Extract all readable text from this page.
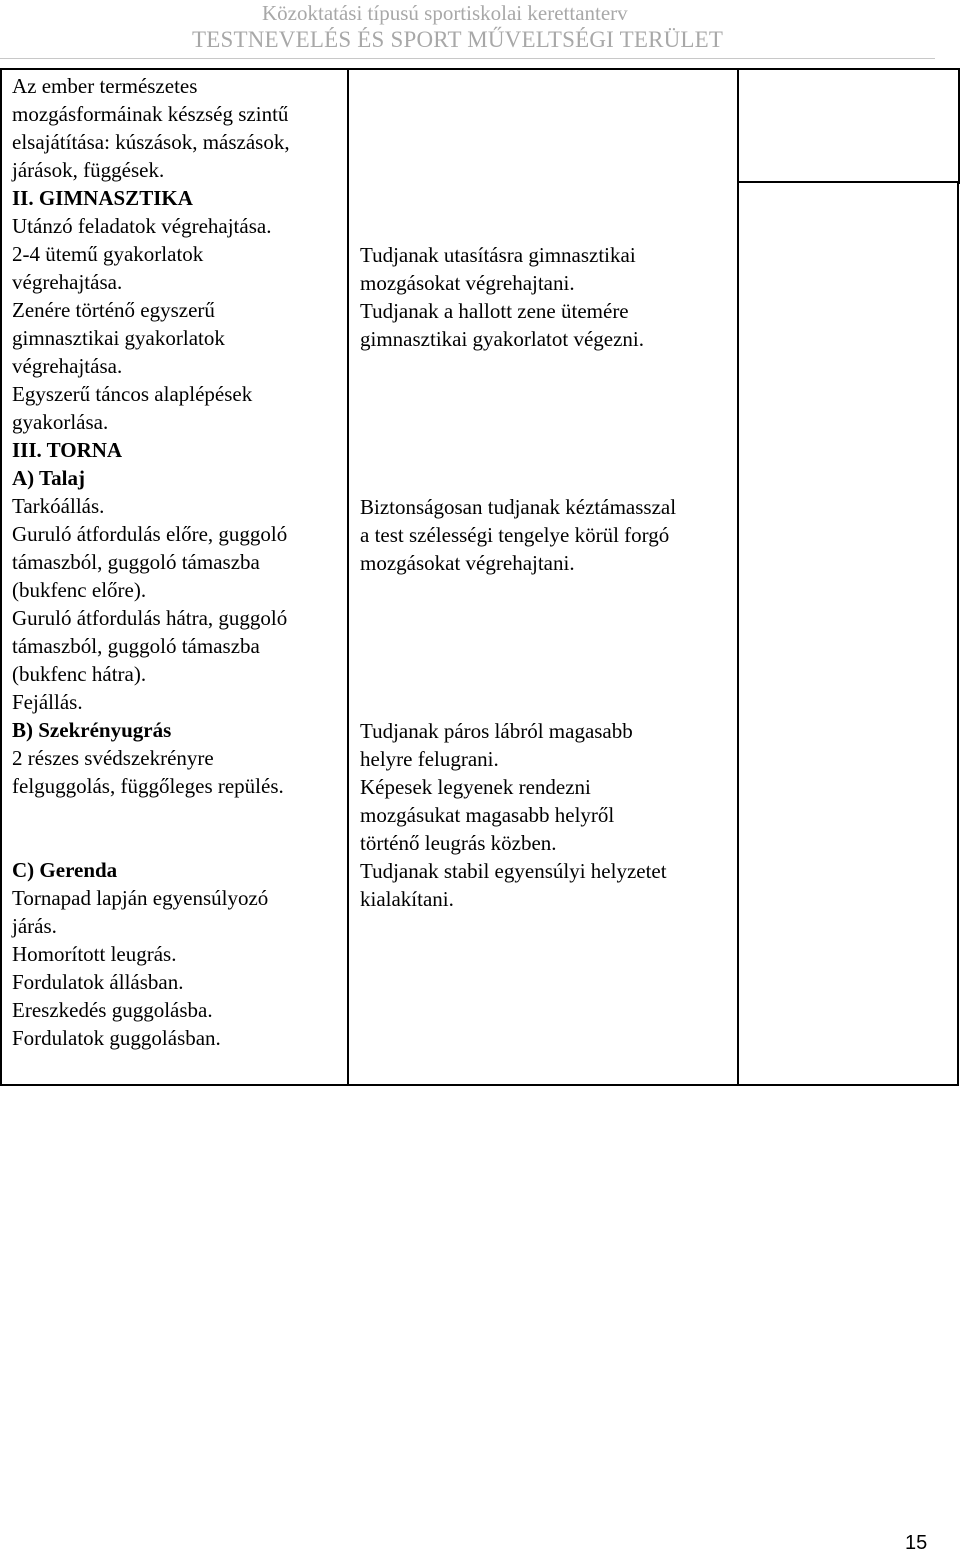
Közoktatási típusú sportiskolai kerettanterv
TESTNEVELÉS ÉS SPORT MŰVELTSÉGI TERÜLET
Az ember természetes
mozgásformáinak készség szintű
elsajátítása: kúszások, mászások,
járások, függések.
II. GIMNASZTIKA
Utánzó feladatok végrehajtása.
2-4 ütemű gyakorlatok
végrehajtása.
Zenére történő egyszerű
gimnasztikai gyakorlatok
végrehajtása.
Egyszerű táncos alaplépések
gyakorlása.
III. TORNA
A) Talaj
Tarkóállás.
Guruló átfordulás előre, guggoló
támaszból, guggoló támaszba
(bukfenc előre).
Guruló átfordulás hátra, guggoló
támaszból, guggoló támaszba
(bukfenc hátra).
Fejállás.
B) Szekrényugrás
2 részes svédszekrényre
felguggolás, függőleges repülés.
C) Gerenda
Tornapad lapján egyensúlyozó
járás.
Homorított leugrás.
Fordulatok állásban.
Ereszkedés guggolásba.
Fordulatok guggolásban.
Tudjanak utasításra gimnasztikai
mozgásokat végrehajtani.
Tudjanak a hallott zene ütemére
gimnasztikai gyakorlatot végezni.
Biztonságosan tudjanak kéztámasszal
a test szélességi tengelye körül forgó
mozgásokat végrehajtani.
Tudjanak páros lábról magasabb
helyre felugrani.
Képesek legyenek rendezni
mozgásukat magasabb helyről
történő leugrás közben.
Tudjanak stabil egyensúlyi helyzetet
kialakítani.
15
